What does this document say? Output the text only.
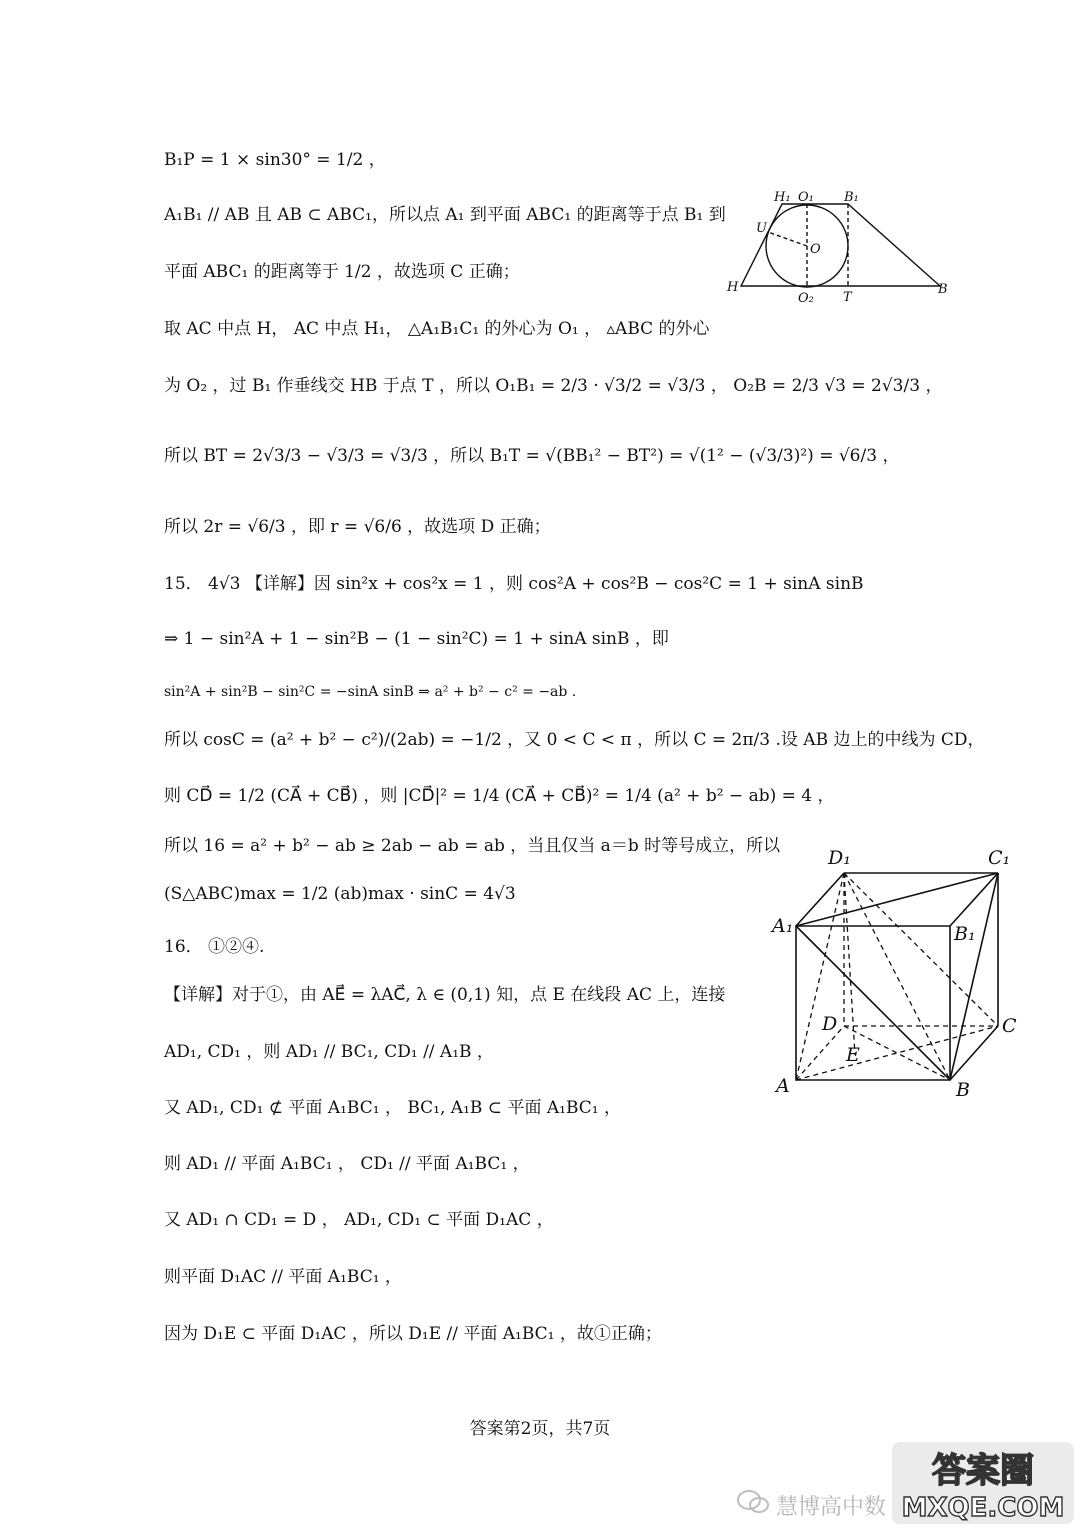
B₁P = 1 × sin30° = 1/2 ，
A₁B₁ // AB 且 AB ⊂ ABC₁，所以点 A₁ 到平面 ABC₁ 的距离等于点 B₁ 到
平面 ABC₁ 的距离等于 1/2 ，故选项 C 正确；
取 AC 中点 H， AC 中点 H₁， △A₁B₁C₁ 的外心为 O₁ ， ▵ABC 的外心
为 O₂ ，过 B₁ 作垂线交 HB 于点 T ，所以 O₁B₁ = 2/3 · √3/2 = √3/3 ， O₂B = 2/3 √3 = 2√3/3 ，
所以 BT = 2√3/3 − √3/3 = √3/3 ，所以 B₁T = √(BB₁² − BT²) = √(1² − (√3/3)²) = √6/3 ，
所以 2r = √6/3 ，即 r = √6/6 ，故选项 D 正确；
15． 4√3 【详解】因 sin²x + cos²x = 1 ，则 cos²A + cos²B − cos²C = 1 + sinA sinB
⇒ 1 − sin²A + 1 − sin²B − (1 − sin²C) = 1 + sinA sinB ，即
sin²A + sin²B − sin²C = −sinA sinB ⇒ a² + b² − c² = −ab .
所以 cosC = (a² + b² − c²)/(2ab) = −1/2 ，又 0 < C < π ，所以 C = 2π/3 .设 AB 边上的中线为 CD，
则 CD⃗ = 1/2 (CA⃗ + CB⃗) ，则 |CD⃗|² = 1/4 (CA⃗ + CB⃗)² = 1/4 (a² + b² − ab) = 4 ，
所以 16 = a² + b² − ab ≥ 2ab − ab = ab ，当且仅当 a＝b 时等号成立，所以
(S△ABC)max = 1/2 (ab)max · sinC = 4√3
16． ①②④.
【详解】对于①，由 AE⃗ = λAC⃗, λ ∈ (0,1) 知，点 E 在线段 AC 上，连接
AD₁, CD₁ ，则 AD₁ // BC₁, CD₁ // A₁B ，
又 AD₁, CD₁ ⊄ 平面 A₁BC₁ ， BC₁, A₁B ⊂ 平面 A₁BC₁ ，
则 AD₁ // 平面 A₁BC₁ ， CD₁ // 平面 A₁BC₁ ，
又 AD₁ ∩ CD₁ = D ， AD₁, CD₁ ⊂ 平面 D₁AC ，
则平面 D₁AC // 平面 A₁BC₁ ，
因为 D₁E ⊂ 平面 D₁AC ，所以 D₁E // 平面 A₁BC₁ ，故①正确；
H₁ O₁ B₁
U
O
H
O₂ T
B
D₁	C₁
A₁	B₁
D	C
E
A	B
答案第2页，共7页
慧博高中数
答案圈
MXQE.COM
